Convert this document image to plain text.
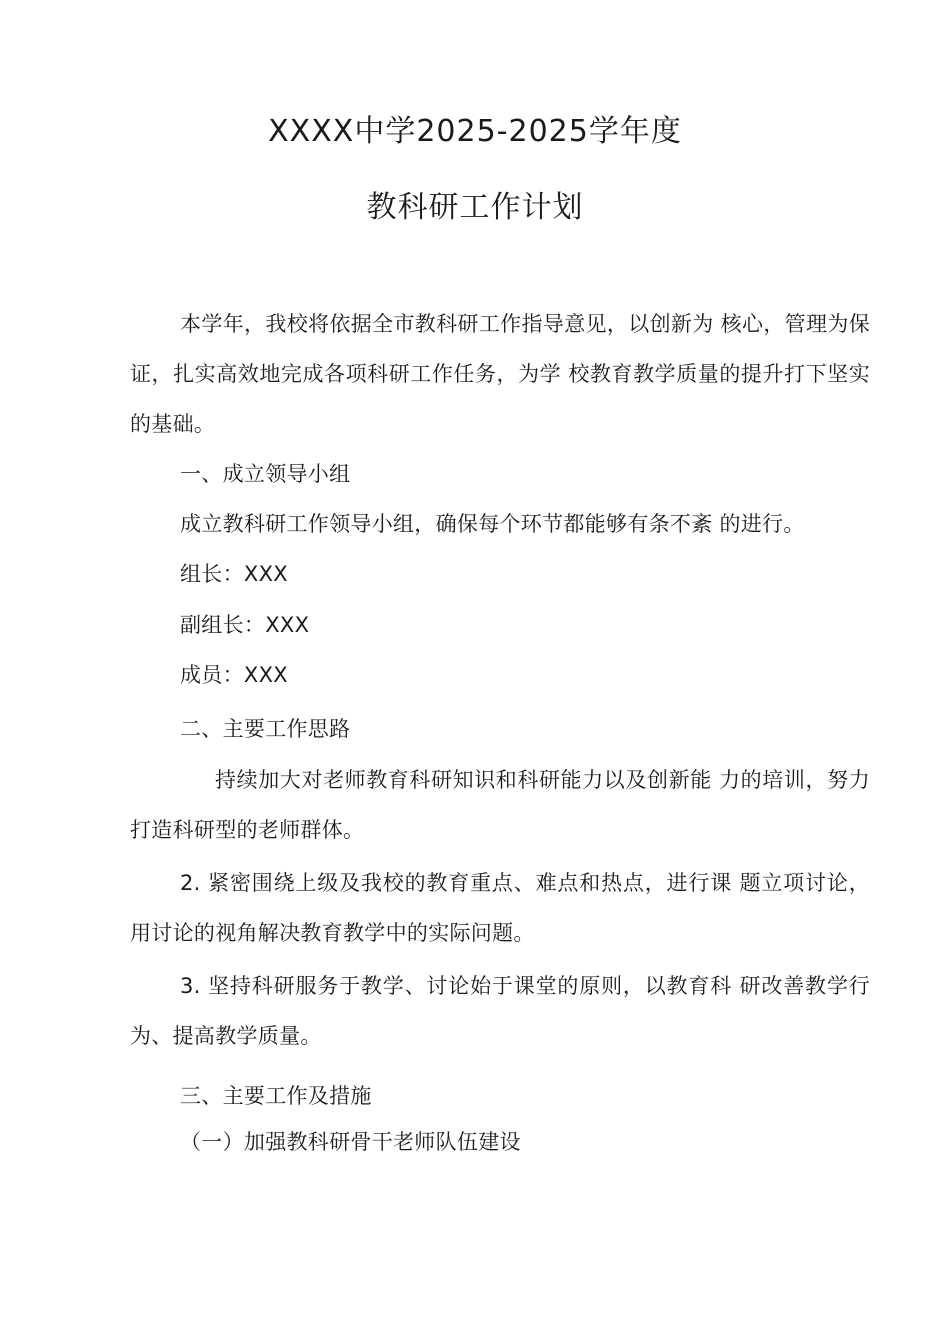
XXXX中学2025-2025学年度
教科研工作计划

本学年，我校将依据全市教科研工作指导意见，以创新为 核心，管理为保证，扎实高效地完成各项科研工作任务，为学 校教育教学质量的提升打下坚实的基础。

一、成立领导小组

成立教科研工作领导小组，确保每个环节都能够有条不紊 的进行。

组长：XXX

副组长：XXX

成员：XXX

二、主要工作思路

持续加大对老师教育科研知识和科研能力以及创新能 力的培训，努力打造科研型的老师群体。

2. 紧密围绕上级及我校的教育重点、难点和热点，进行课 题立项讨论，用讨论的视角解决教育教学中的实际问题。

3. 坚持科研服务于教学、讨论始于课堂的原则，以教育科 研改善教学行为、提高教学质量。

三、主要工作及措施

（一）加强教科研骨干老师队伍建设
